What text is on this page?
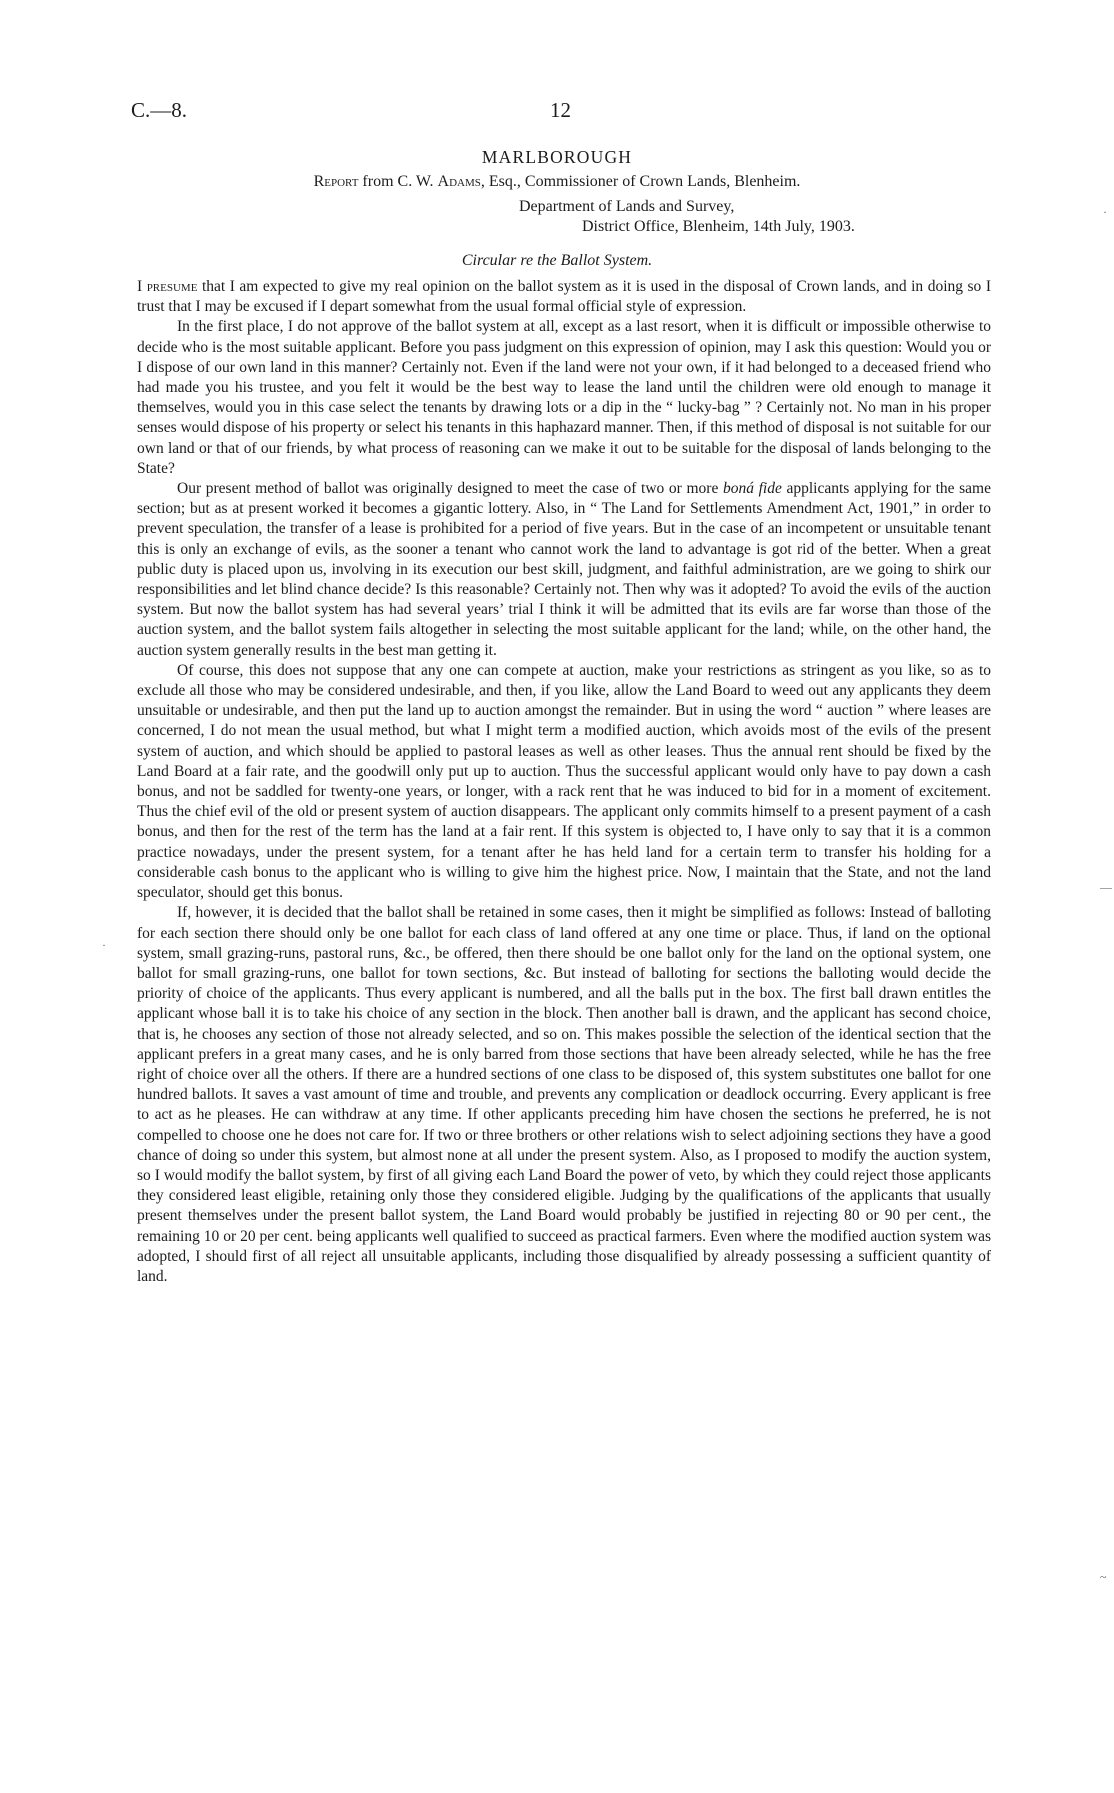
C.—8.	12
MARLBOROUGH
Report from C. W. Adams, Esq., Commissioner of Crown Lands, Blenheim.
Department of Lands and Survey,
District Office, Blenheim, 14th July, 1903.
Circular re the Ballot System.

I presume that I am expected to give my real opinion on the ballot system as it is used in the disposal of Crown lands, and in doing so I trust that I may be excused if I depart somewhat from the usual formal official style of expression.

In the first place, I do not approve of the ballot system at all, except as a last resort, when it is difficult or impossible otherwise to decide who is the most suitable applicant. Before you pass judgment on this expression of opinion, may I ask this question: Would you or I dispose of our own land in this manner? Certainly not. Even if the land were not your own, if it had belonged to a deceased friend who had made you his trustee, and you felt it would be the best way to lease the land until the children were old enough to manage it themselves, would you in this case select the tenants by drawing lots or a dip in the “ lucky-bag ” ? Certainly not. No man in his proper senses would dispose of his property or select his tenants in this haphazard manner. Then, if this method of disposal is not suitable for our own land or that of our friends, by what process of reasoning can we make it out to be suitable for the disposal of lands belonging to the State?

Our present method of ballot was originally designed to meet the case of two or more boná fide applicants applying for the same section; but as at present worked it becomes a gigantic lottery. Also, in “ The Land for Settlements Amendment Act, 1901,” in order to prevent speculation, the transfer of a lease is prohibited for a period of five years. But in the case of an incompetent or unsuitable tenant this is only an exchange of evils, as the sooner a tenant who cannot work the land to advantage is got rid of the better. When a great public duty is placed upon us, involving in its execution our best skill, judgment, and faithful administration, are we going to shirk our responsibilities and let blind chance decide? Is this reasonable? Certainly not. Then why was it adopted? To avoid the evils of the auction system. But now the ballot system has had several years’ trial I think it will be admitted that its evils are far worse than those of the auction system, and the ballot system fails altogether in selecting the most suitable applicant for the land; while, on the other hand, the auction system generally results in the best man getting it.

Of course, this does not suppose that any one can compete at auction, make your restrictions as stringent as you like, so as to exclude all those who may be considered undesirable, and then, if you like, allow the Land Board to weed out any applicants they deem unsuitable or undesirable, and then put the land up to auction amongst the remainder. But in using the word “ auction ” where leases are concerned, I do not mean the usual method, but what I might term a modified auction, which avoids most of the evils of the present system of auction, and which should be applied to pastoral leases as well as other leases. Thus the annual rent should be fixed by the Land Board at a fair rate, and the goodwill only put up to auction. Thus the successful applicant would only have to pay down a cash bonus, and not be saddled for twenty-one years, or longer, with a rack rent that he was induced to bid for in a moment of excitement. Thus the chief evil of the old or present system of auction disappears. The applicant only commits himself to a present payment of a cash bonus, and then for the rest of the term has the land at a fair rent. If this system is objected to, I have only to say that it is a common practice nowadays, under the present system, for a tenant after he has held land for a certain term to transfer his holding for a considerable cash bonus to the applicant who is willing to give him the highest price. Now, I maintain that the State, and not the land speculator, should get this bonus.

If, however, it is decided that the ballot shall be retained in some cases, then it might be simplified as follows: Instead of balloting for each section there should only be one ballot for each class of land offered at any one time or place. Thus, if land on the optional system, small grazing-runs, pastoral runs, &c., be offered, then there should be one ballot only for the land on the optional system, one ballot for small grazing-runs, one ballot for town sections, &c. But instead of balloting for sections the balloting would decide the priority of choice of the applicants. Thus every applicant is numbered, and all the balls put in the box. The first ball drawn entitles the applicant whose ball it is to take his choice of any section in the block. Then another ball is drawn, and the applicant has second choice, that is, he chooses any section of those not already selected, and so on. This makes possible the selection of the identical section that the applicant prefers in a great many cases, and he is only barred from those sections that have been already selected, while he has the free right of choice over all the others. If there are a hundred sections of one class to be disposed of, this system substitutes one ballot for one hundred ballots. It saves a vast amount of time and trouble, and prevents any complication or deadlock occurring. Every applicant is free to act as he pleases. He can withdraw at any time. If other applicants preceding him have chosen the sections he preferred, he is not compelled to choose one he does not care for. If two or three brothers or other relations wish to select adjoining sections they have a good chance of doing so under this system, but almost none at all under the present system. Also, as I proposed to modify the auction system, so I would modify the ballot system, by first of all giving each Land Board the power of veto, by which they could reject those applicants they considered least eligible, retaining only those they considered eligible. Judging by the qualifications of the applicants that usually present themselves under the present ballot system, the Land Board would probably be justified in rejecting 80 or 90 per cent., the remaining 10 or 20 per cent. being applicants well qualified to succeed as practical farmers. Even where the modified auction system was adopted, I should first of all reject all unsuitable applicants, including those disqualified by already possessing a sufficient quantity of land.

·
—
·
~
